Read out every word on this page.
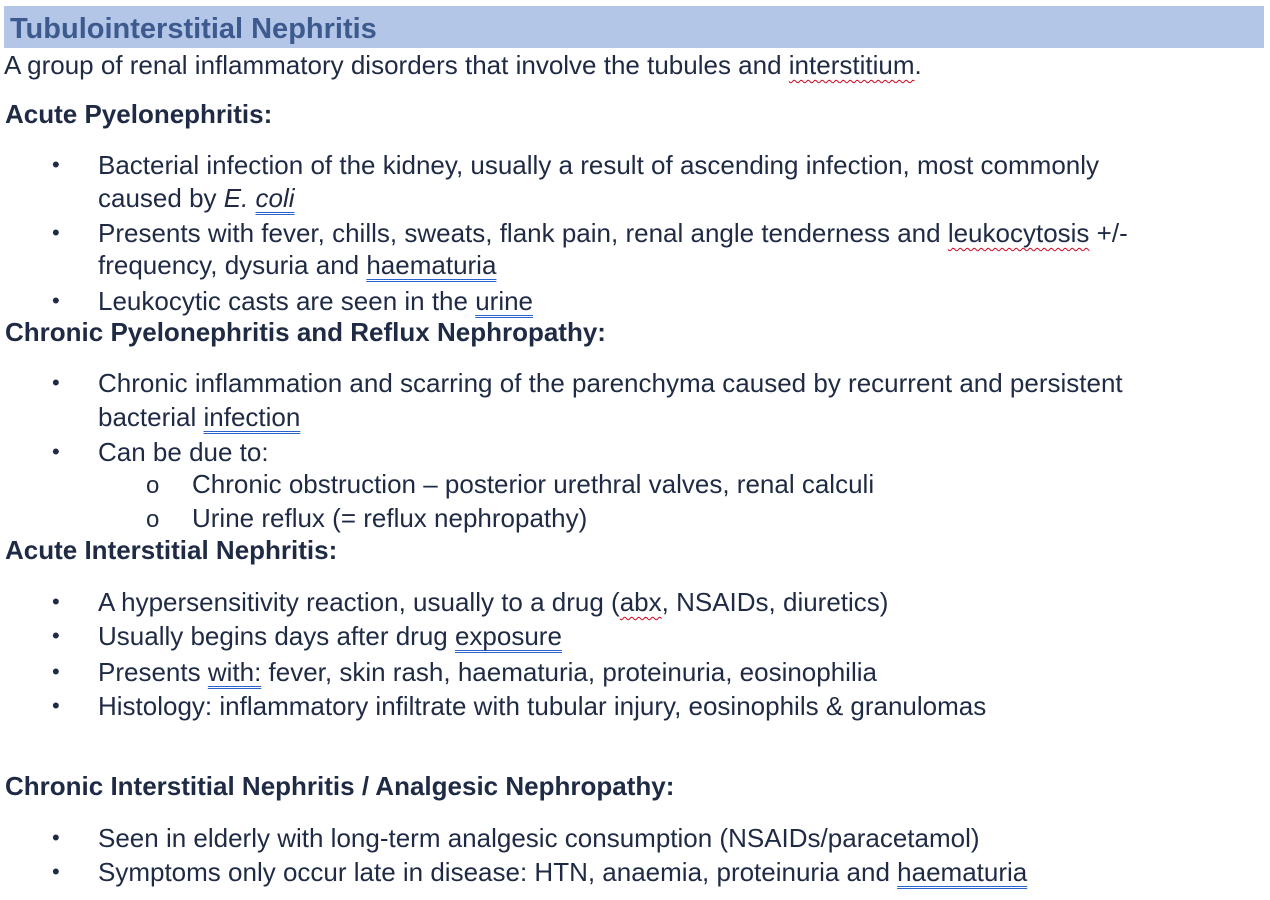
Tubulointerstitial Nephritis
A group of renal inflammatory disorders that involve the tubules and interstitium.
Acute Pyelonephritis:
•	Bacterial infection of the kidney, usually a result of ascending infection, most commonly
caused by E. coli
•	Presents with fever, chills, sweats, flank pain, renal angle tenderness and leukocytosis +/-
frequency, dysuria and haematuria
•	Leukocytic casts are seen in the urine
Chronic Pyelonephritis and Reflux Nephropathy:
•	Chronic inflammation and scarring of the parenchyma caused by recurrent and persistent
bacterial infection
•	Can be due to:
o Chronic obstruction – posterior urethral valves, renal calculi
o Urine reflux (= reflux nephropathy)
Acute Interstitial Nephritis:
•	A hypersensitivity reaction, usually to a drug (abx, NSAIDs, diuretics)
•	Usually begins days after drug exposure
•	Presents with: fever, skin rash, haematuria, proteinuria, eosinophilia
•	Histology: inflammatory infiltrate with tubular injury, eosinophils & granulomas
Chronic Interstitial Nephritis / Analgesic Nephropathy:
•	Seen in elderly with long-term analgesic consumption (NSAIDs/paracetamol)
•	Symptoms only occur late in disease: HTN, anaemia, proteinuria and haematuria
